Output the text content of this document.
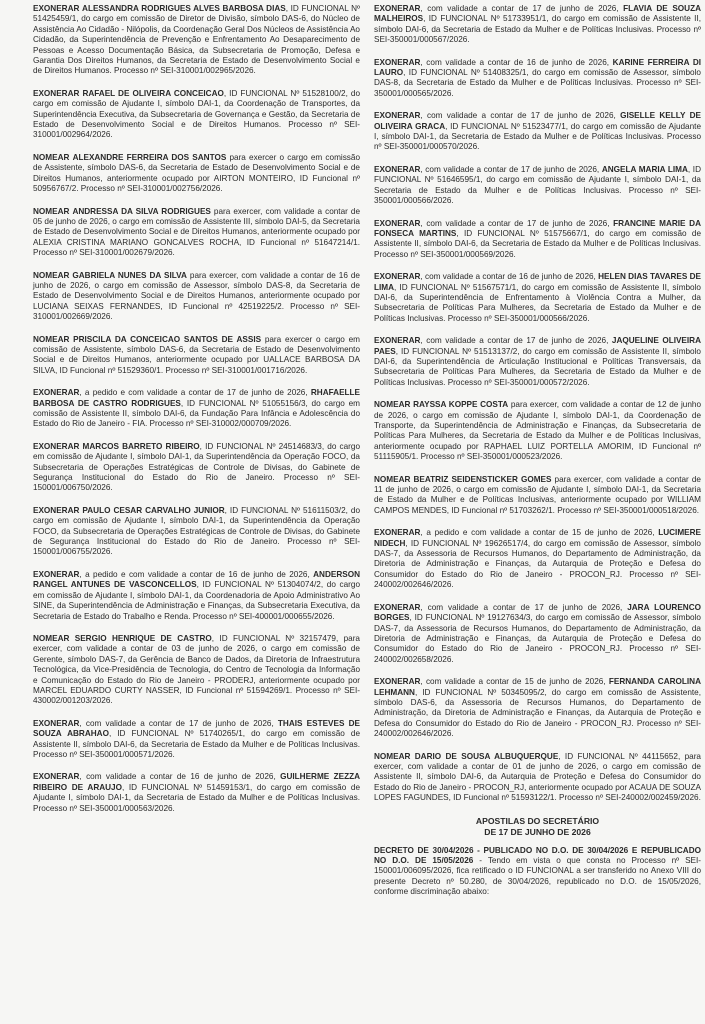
EXONERAR ALESSANDRA RODRIGUES ALVES BARBOSA DIAS, ID FUNCIONAL Nº 51425459/1, do cargo em comissão de Diretor de Divisão, símbolo DAS-6, do Núcleo de Assistência Ao Cidadão - Nilópolis, da Coordenação Geral Dos Núcleos de Assistência Ao Cidadão, da Superintendência de Prevenção e Enfrentamento Ao Desaparecimento de Pessoas e Acesso Documentação Básica, da Subsecretaria de Promoção, Defesa e Garantia Dos Direitos Humanos, da Secretaria de Estado de Desenvolvimento Social e de Direitos Humanos. Processo nº SEI-310001/002965/2026.

EXONERAR RAFAEL DE OLIVEIRA CONCEICAO, ID FUNCIONAL Nº 51528100/2, do cargo em comissão de Ajudante I, símbolo DAI-1, da Coordenação de Transportes, da Superintendência Executiva, da Subsecretaria de Governança e Gestão, da Secretaria de Estado de Desenvolvimento Social e de Direitos Humanos. Processo nº SEI-310001/002964/2026.

NOMEAR ALEXANDRE FERREIRA DOS SANTOS para exercer o cargo em comissão de Assistente, símbolo DAS-6, da Secretaria de Estado de Desenvolvimento Social e de Direitos Humanos, anteriormente ocupado por AIRTON MONTEIRO, ID Funcional nº 50956767/2. Processo nº SEI-310001/002756/2026.

NOMEAR ANDRESSA DA SILVA RODRIGUES para exercer, com validade a contar de 05 de junho de 2026, o cargo em comissão de Assistente III, símbolo DAI-5, da Secretaria de Estado de Desenvolvimento Social e de Direitos Humanos, anteriormente ocupado por ALEXIA CRISTINA MARIANO GONCALVES ROCHA, ID Funcional nº 51647214/1. Processo nº SEI-310001/002679/2026.

NOMEAR GABRIELA NUNES DA SILVA para exercer, com validade a contar de 16 de junho de 2026, o cargo em comissão de Assessor, símbolo DAS-8, da Secretaria de Estado de Desenvolvimento Social e de Direitos Humanos, anteriormente ocupado por LUCIANA SEIXAS FERNANDES, ID Funcional nº 42519225/2. Processo nº SEI-310001/002669/2026.

NOMEAR PRISCILA DA CONCEICAO SANTOS DE ASSIS para exercer o cargo em comissão de Assistente, símbolo DAS-6, da Secretaria de Estado de Desenvolvimento Social e de Direitos Humanos, anteriormente ocupado por UALLACE BARBOSA DA SILVA, ID Funcional nº 51529360/1. Processo nº SEI-310001/001716/2026.

EXONERAR, a pedido e com validade a contar de 17 de junho de 2026, RHAFAELLE BARBOSA DE CASTRO RODRIGUES, ID FUNCIONAL Nº 51055156/3, do cargo em comissão de Assistente II, símbolo DAI-6, da Fundação Para Infância e Adolescência do Estado do Rio de Janeiro - FIA. Processo nº SEI-310002/000709/2026.

EXONERAR MARCOS BARRETO RIBEIRO, ID FUNCIONAL Nº 24514683/3, do cargo em comissão de Ajudante I, símbolo DAI-1, da Superintendência da Operação FOCO, da Subsecretaria de Operações Estratégicas de Controle de Divisas, do Gabinete de Segurança Institucional do Estado do Rio de Janeiro. Processo nº SEI-150001/006750/2026.

EXONERAR PAULO CESAR CARVALHO JUNIOR, ID FUNCIONAL Nº 51611503/2, do cargo em comissão de Ajudante I, símbolo DAI-1, da Superintendência da Operação FOCO, da Subsecretaria de Operações Estratégicas de Controle de Divisas, do Gabinete de Segurança Institucional do Estado do Rio de Janeiro. Processo nº SEI-150001/006755/2026.

EXONERAR, a pedido e com validade a contar de 16 de junho de 2026, ANDERSON RANGEL ANTUNES DE VASCONCELLOS, ID FUNCIONAL Nº 51304074/2, do cargo em comissão de Ajudante I, símbolo DAI-1, da Coordenadoria de Apoio Administrativo Ao SINE, da Superintendência de Administração e Finanças, da Subsecretaria Executiva, da Secretaria de Estado do Trabalho e Renda. Processo nº SEI-400001/000655/2026.

NOMEAR SERGIO HENRIQUE DE CASTRO, ID FUNCIONAL Nº 32157479, para exercer, com validade a contar de 03 de junho de 2026, o cargo em comissão de Gerente, símbolo DAS-7, da Gerência de Banco de Dados, da Diretoria de Infraestrutura Tecnológica, da Vice-Presidência de Tecnologia, do Centro de Tecnologia da Informação e Comunicação do Estado do Rio de Janeiro - PRODERJ, anteriormente ocupado por MARCEL EDUARDO CURTY NASSER, ID Funcional nº 51594269/1. Processo nº SEI-430002/001203/2026.

EXONERAR, com validade a contar de 17 de junho de 2026, THAIS ESTEVES DE SOUZA ABRAHAO, ID FUNCIONAL Nº 51740265/1, do cargo em comissão de Assistente II, símbolo DAI-6, da Secretaria de Estado da Mulher e de Políticas Inclusivas. Processo nº SEI-350001/000571/2026.

EXONERAR, com validade a contar de 16 de junho de 2026, GUILHERME ZEZZA RIBEIRO DE ARAUJO, ID FUNCIONAL Nº 51459153/1, do cargo em comissão de Ajudante I, símbolo DAI-1, da Secretaria de Estado da Mulher e de Políticas Inclusivas. Processo nº SEI-350001/000563/2026.

EXONERAR, com validade a contar de 17 de junho de 2026, FLAVIA DE SOUZA MALHEIROS, ID FUNCIONAL Nº 51733951/1, do cargo em comissão de Assistente II, símbolo DAI-6, da Secretaria de Estado da Mulher e de Políticas Inclusivas. Processo nº SEI-350001/000567/2026.

EXONERAR, com validade a contar de 16 de junho de 2026, KARINE FERREIRA DI LAURO, ID FUNCIONAL Nº 51408325/1, do cargo em comissão de Assessor, símbolo DAS-8, da Secretaria de Estado da Mulher e de Políticas Inclusivas. Processo nº SEI-350001/000565/2026.

EXONERAR, com validade a contar de 17 de junho de 2026, GISELLE KELLY DE OLIVEIRA GRACA, ID FUNCIONAL Nº 51523477/1, do cargo em comissão de Ajudante I, símbolo DAI-1, da Secretaria de Estado da Mulher e de Políticas Inclusivas. Processo nº SEI-350001/000570/2026.

EXONERAR, com validade a contar de 17 de junho de 2026, ANGELA MARIA LIMA, ID FUNCIONAL Nº 51646595/1, do cargo em comissão de Ajudante I, símbolo DAI-1, da Secretaria de Estado da Mulher e de Políticas Inclusivas. Processo nº SEI-350001/000566/2026.

EXONERAR, com validade a contar de 17 de junho de 2026, FRANCINE MARIE DA FONSECA MARTINS, ID FUNCIONAL Nº 51575667/1, do cargo em comissão de Assistente II, símbolo DAI-6, da Secretaria de Estado da Mulher e de Políticas Inclusivas. Processo nº SEI-350001/000569/2026.

EXONERAR, com validade a contar de 16 de junho de 2026, HELEN DIAS TAVARES DE LIMA, ID FUNCIONAL Nº 51567571/1, do cargo em comissão de Assistente II, símbolo DAI-6, da Superintendência de Enfrentamento à Violência Contra a Mulher, da Subsecretaria de Políticas Para Mulheres, da Secretaria de Estado da Mulher e de Políticas Inclusivas. Processo nº SEI-350001/000566/2026.

EXONERAR, com validade a contar de 17 de junho de 2026, JAQUELINE OLIVEIRA PAES, ID FUNCIONAL Nº 51513137/2, do cargo em comissão de Assistente II, símbolo DAI-6, da Superintendência de Articulação Institucional e Políticas Transversais, da Subsecretaria de Políticas Para Mulheres, da Secretaria de Estado da Mulher e de Políticas Inclusivas. Processo nº SEI-350001/000572/2026.

NOMEAR RAYSSA KOPPE COSTA para exercer, com validade a contar de 12 de junho de 2026, o cargo em comissão de Ajudante I, símbolo DAI-1, da Coordenação de Transporte, da Superintendência de Administração e Finanças, da Subsecretaria de Políticas Para Mulheres, da Secretaria de Estado da Mulher e de Políticas Inclusivas, anteriormente ocupado por RAPHAEL LUIZ PORTELLA AMORIM, ID Funcional nº 51115905/1. Processo nº SEI-350001/000523/2026.

NOMEAR BEATRIZ SEIDENSTICKER GOMES para exercer, com validade a contar de 11 de junho de 2026, o cargo em comissão de Ajudante I, símbolo DAI-1, da Secretaria de Estado da Mulher e de Políticas Inclusivas, anteriormente ocupado por WILLIAM CAMPOS MENDES, ID Funcional nº 51703262/1. Processo nº SEI-350001/000518/2026.

EXONERAR, a pedido e com validade a contar de 15 de junho de 2026, LUCIMERE NIDECH, ID FUNCIONAL Nº 19626517/4, do cargo em comissão de Assessor, símbolo DAS-7, da Assessoria de Recursos Humanos, do Departamento de Administração, da Diretoria de Administração e Finanças, da Autarquia de Proteção e Defesa do Consumidor do Estado do Rio de Janeiro - PROCON_RJ. Processo nº SEI-240002/002646/2026.

EXONERAR, com validade a contar de 17 de junho de 2026, JARA LOURENCO BORGES, ID FUNCIONAL Nº 19127634/3, do cargo em comissão de Assessor, símbolo DAS-7, da Assessoria de Recursos Humanos, do Departamento de Administração, da Diretoria de Administração e Finanças, da Autarquia de Proteção e Defesa do Consumidor do Estado do Rio de Janeiro - PROCON_RJ. Processo nº SEI-240002/002658/2026.

EXONERAR, com validade a contar de 15 de junho de 2026, FERNANDA CAROLINA LEHMANN, ID FUNCIONAL Nº 50345095/2, do cargo em comissão de Assistente, símbolo DAS-6, da Assessoria de Recursos Humanos, do Departamento de Administração, da Diretoria de Administração e Finanças, da Autarquia de Proteção e Defesa do Consumidor do Estado do Rio de Janeiro - PROCON_RJ. Processo nº SEI-240002/002646/2026.

NOMEAR DARIO DE SOUSA ALBUQUERQUE, ID FUNCIONAL Nº 44115652, para exercer, com validade a contar de 01 de junho de 2026, o cargo em comissão de Assistente II, símbolo DAI-6, da Autarquia de Proteção e Defesa do Consumidor do Estado do Rio de Janeiro - PROCON_RJ, anteriormente ocupado por ACAUA DE SOUZA LOPES FAGUNDES, ID Funcional nº 51593122/1. Processo nº SEI-240002/002459/2026.

APOSTILAS DO SECRETÁRIO
DE 17 DE JUNHO DE 2026

DECRETO DE 30/04/2026 - PUBLICADO NO D.O. DE 30/04/2026 E REPUBLICADO NO D.O. DE 15/05/2026 - Tendo em vista o que consta no Processo nº SEI-150001/006095/2026, fica retificado o ID FUNCIONAL a ser transferido no Anexo VIII do presente Decreto nº 50.280, de 30/04/2026, republicado no D.O. de 15/05/2026, conforme discriminação abaixo:
